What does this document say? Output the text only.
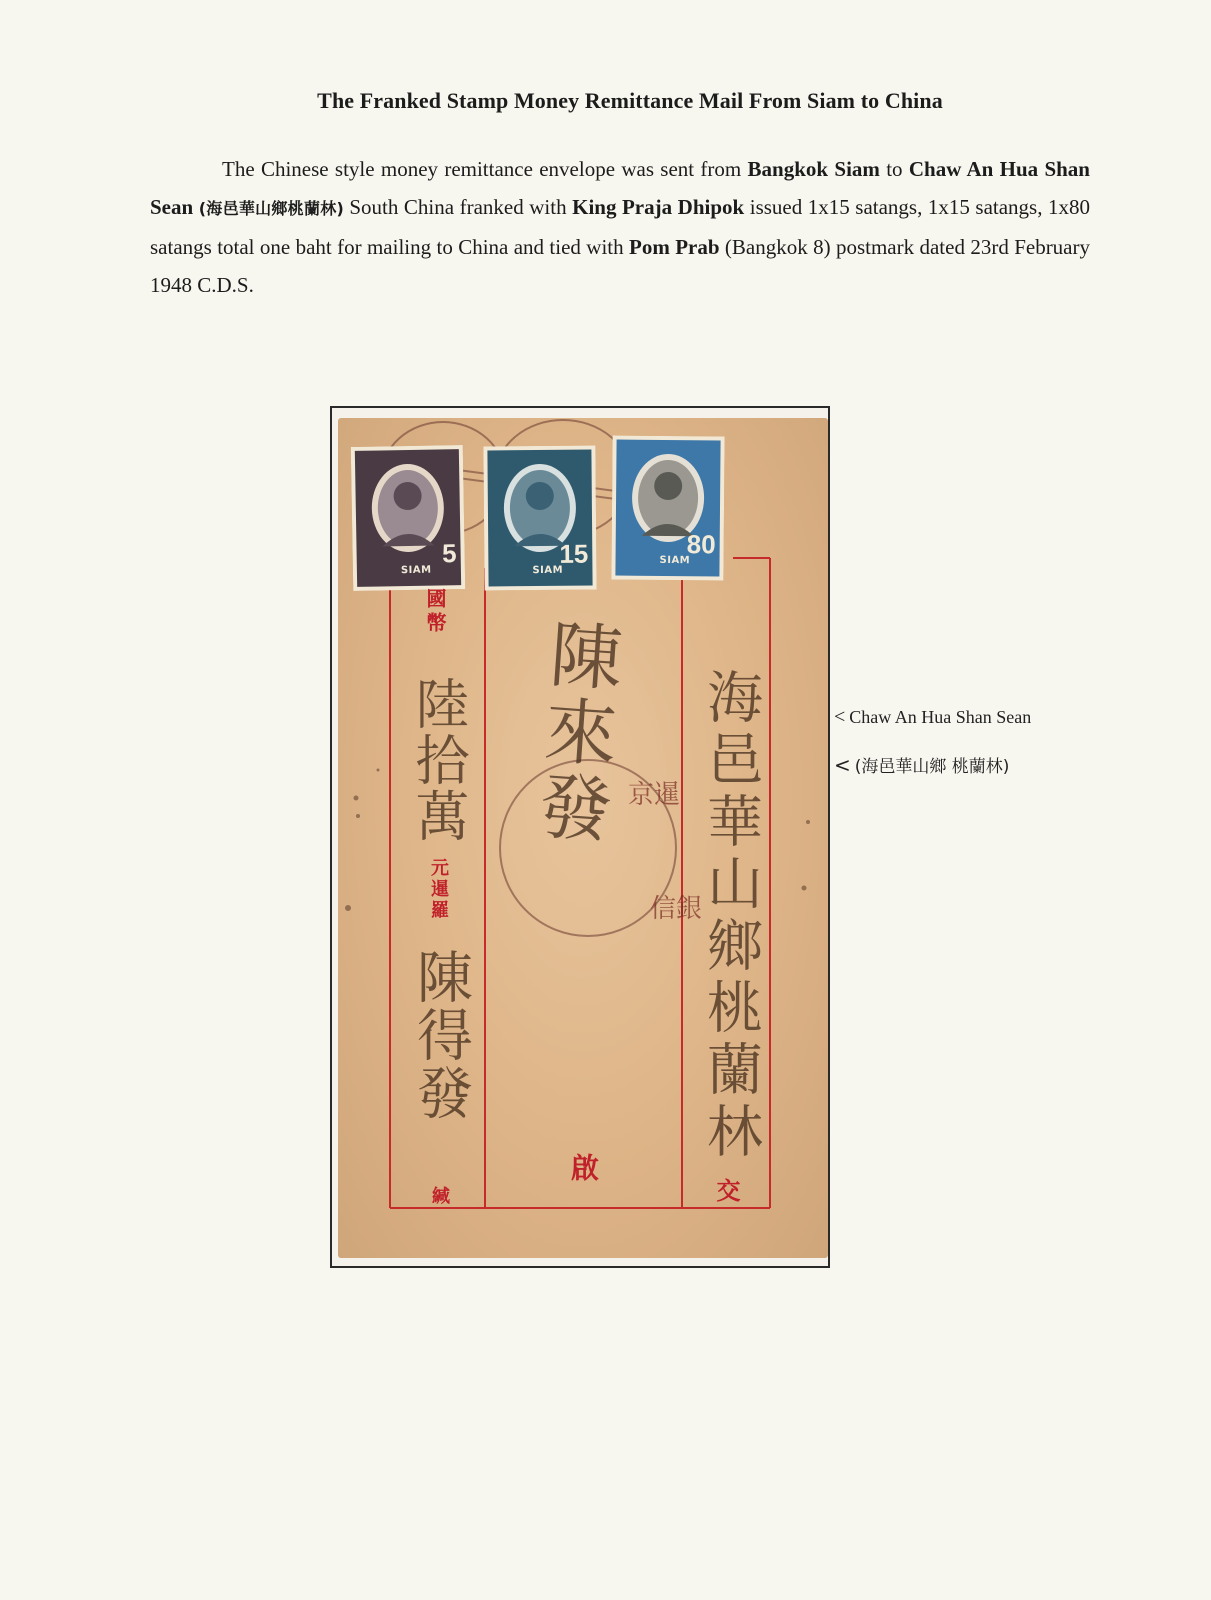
The Franked Stamp Money Remittance Mail From Siam to China
The Chinese style money remittance envelope was sent from Bangkok Siam to Chaw An Hua Shan Sean (海邑華山鄉桃蘭林) South China franked with King Praja Dhipok issued 1x15 satangs, 1x15 satangs, 1x80 satangs total one baht for mailing to China and tied with Pom Prab (Bangkok 8) postmark dated 23rd February 1948 C.D.S.
SIAM
5
SIAM
15	SIAM
80
國幣
陸拾萬
元暹羅
陳得發
緘
陳來發
啟
海邑華山鄉桃蘭林
交
京暹
信銀
< Chaw An Hua Shan Sean
< (海邑華山鄉 桃蘭林)
